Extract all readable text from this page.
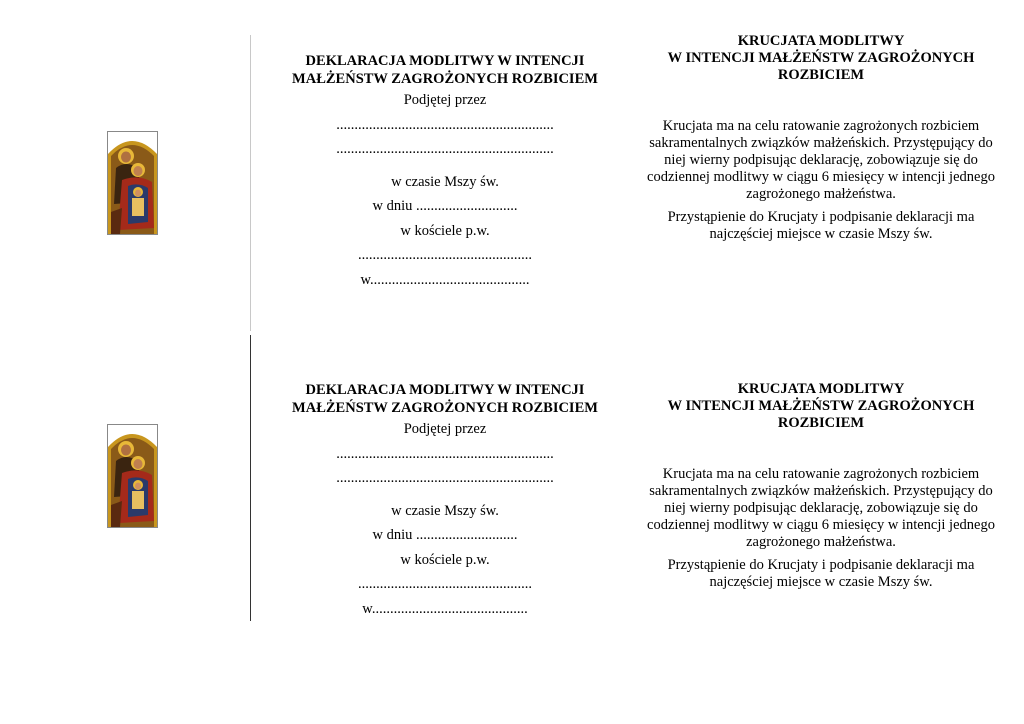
DEKLARACJA MODLITWY W INTENCJI
MAŁŻEŃSTW ZAGROŻONYCH ROZBICIEM

Podjętej przez

............................................................

............................................................

w czasie Mszy św.

w dniu ............................

w kościele p.w.

................................................

w............................................

KRUCJATA MODLITWY
W INTENCJI MAŁŻEŃSTW ZAGROŻONYCH
ROZBICIEM

Krucjata ma na celu ratowanie zagrożonych rozbiciem sakramentalnych związków małżeńskich. Przystępujący do niej wierny podpisując deklarację, zobowiązuje się do codziennej modlitwy w ciągu 6 miesięcy w intencji jednego zagrożonego małżeństwa.

Przystąpienie do Krucjaty i podpisanie deklaracji ma najczęściej miejsce w czasie Mszy św.

DEKLARACJA MODLITWY W INTENCJI
MAŁŻEŃSTW ZAGROŻONYCH ROZBICIEM

Podjętej przez

............................................................

............................................................

w czasie Mszy św.

w dniu ............................

w kościele p.w.

................................................

w...........................................

KRUCJATA MODLITWY
W INTENCJI MAŁŻEŃSTW ZAGROŻONYCH
ROZBICIEM

Krucjata ma na celu ratowanie zagrożonych rozbiciem sakramentalnych związków małżeńskich. Przystępujący do niej wierny podpisując deklarację, zobowiązuje się do codziennej modlitwy w ciągu 6 miesięcy w intencji jednego zagrożonego małżeństwa.

Przystąpienie do Krucjaty i podpisanie deklaracji ma najczęściej miejsce w czasie Mszy św.
